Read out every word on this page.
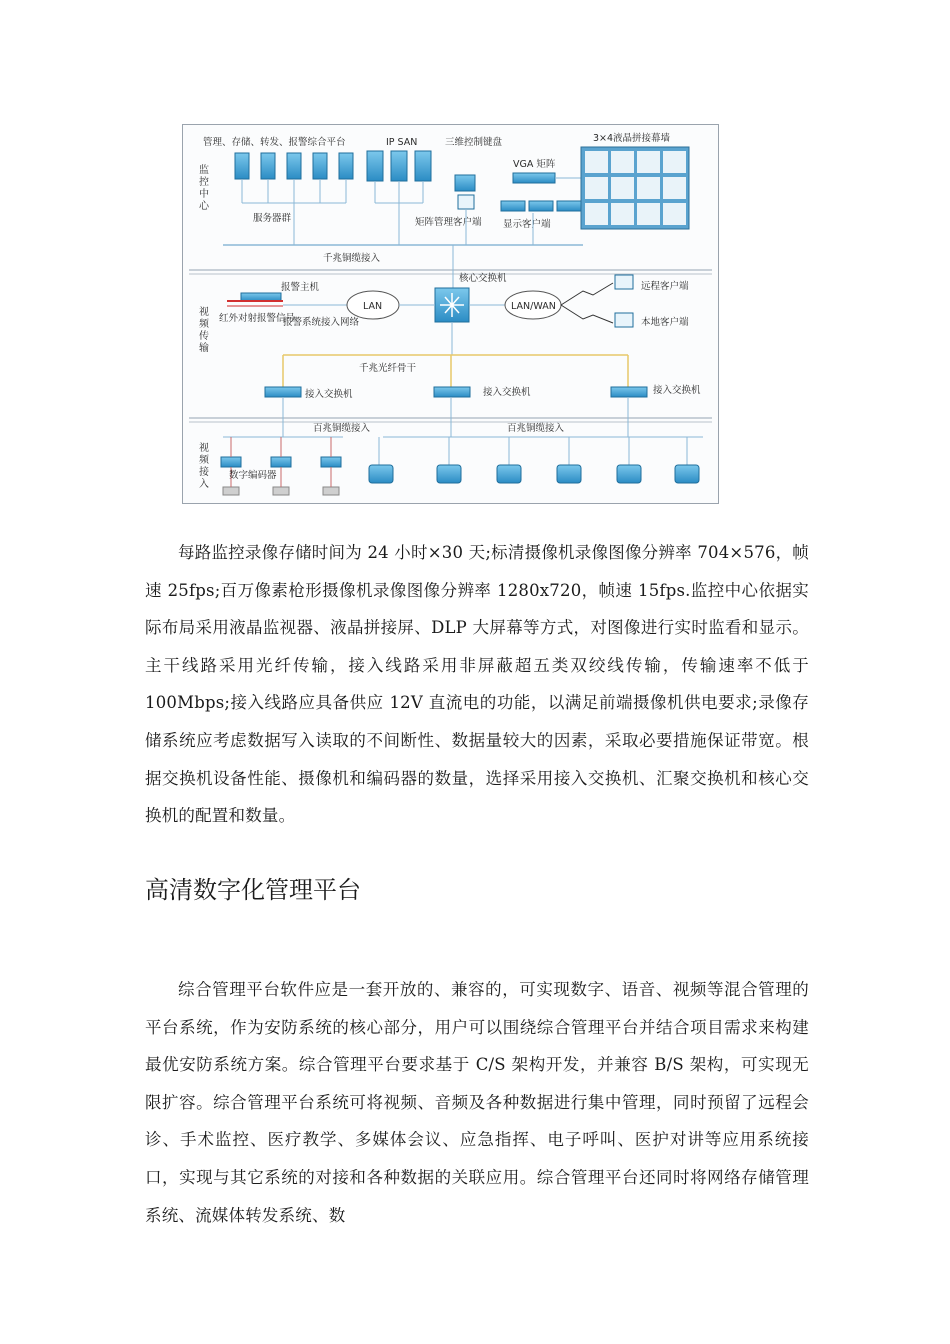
监控中心
视频传输
视频接入
管理、存储、转发、报警综合平台	IP SAN	三维控制键盘	3×4液晶拼接幕墙
服务器群	矩阵管理客户端
VGA 矩阵
显示客户端
千兆铜缆接入
核心交换机
报警主机
红外对射报警信号
报警系统接入网络
LAN	LAN/WAN
远程客户端
本地客户端
千兆光纤骨干
接入交换机	接入交换机	接入交换机
百兆铜缆接入	百兆铜缆接入
数字编码器

每路监控录像存储时间为 24 小时×30 天;标清摄像机录像图像分辨率 704×576，帧速 25fps;百万像素枪形摄像机录像图像分辨率 1280x720，帧速 15fps.监控中心依据实际布局采用液晶监视器、液晶拼接屏、DLP 大屏幕等方式，对图像进行实时监看和显示。主干线路采用光纤传输，接入线路采用非屏蔽超五类双绞线传输，传输速率不低于 100Mbps;接入线路应具备供应 12V 直流电的功能，以满足前端摄像机供电要求;录像存储系统应考虑数据写入读取的不间断性、数据量较大的因素，采取必要措施保证带宽。根据交换机设备性能、摄像机和编码器的数量，选择采用接入交换机、汇聚交换机和核心交换机的配置和数量。

高清数字化管理平台

综合管理平台软件应是一套开放的、兼容的，可实现数字、语音、视频等混合管理的平台系统，作为安防系统的核心部分，用户可以围绕综合管理平台并结合项目需求来构建最优安防系统方案。综合管理平台要求基于 C/S 架构开发，并兼容 B/S 架构，可实现无限扩容。综合管理平台系统可将视频、音频及各种数据进行集中管理，同时预留了远程会诊、手术监控、医疗教学、多媒体会议、应急指挥、电子呼叫、医护对讲等应用系统接口，实现与其它系统的对接和各种数据的关联应用。综合管理平台还同时将网络存储管理系统、流媒体转发系统、数
